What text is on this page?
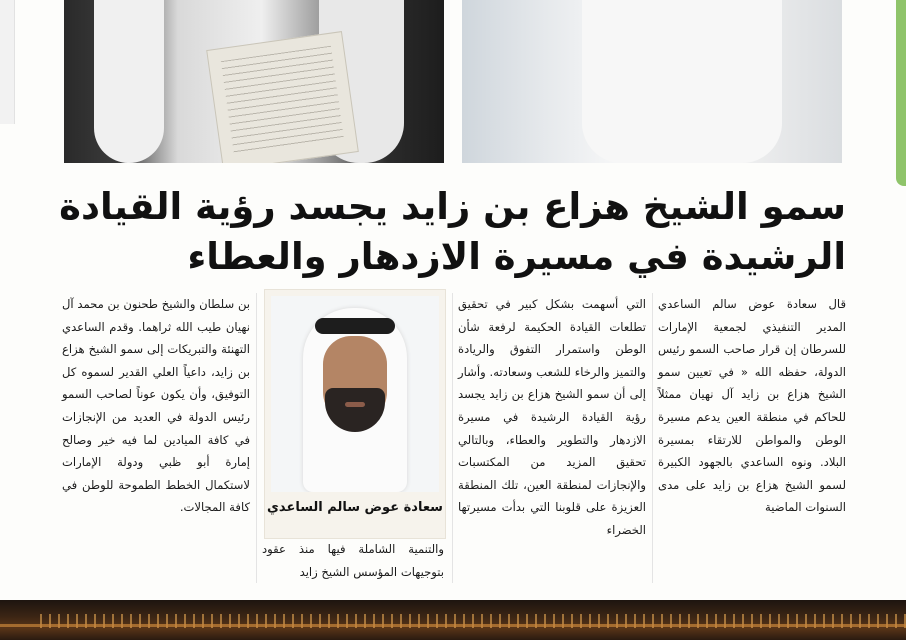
سمو الشيخ هزاع بن زايد يجسد رؤية القيادة
الرشيدة في مسيرة الازدهار والعطاء

قال سعادة عوض سالم الساعدي المدير التنفيذي لجمعية الإمارات للسرطان إن قرار صاحب السمو رئيس الدولة، حفظه الله « في تعيين سمو الشيخ هزاع بن زايد آل نهيان ممثلاً للحاكم في منطقة العين يدعم مسيرة الوطن والمواطن للارتقاء بمسيرة البلاد. ونوه الساعدي بالجهود الكبيرة لسمو الشيخ هزاع بن زايد على مدى السنوات الماضية

التي أسهمت بشكل كبير في تحقيق تطلعات القيادة الحكيمة لرفعة شأن الوطن واستمرار التفوق والريادة والتميز والرخاء للشعب وسعادته. وأشار إلى أن سمو الشيخ هزاع بن زايد يجسد رؤية القيادة الرشيدة في مسيرة الازدهار والتطوير والعطاء، وبالتالي تحقيق المزيد من المكتسبات والإنجازات لمنطقة العين، تلك المنطقة العزيزة على قلوبنا التي بدأت مسيرتها الخضراء

سعادة عوض سالم الساعدي

والتنمية الشاملة فيها منذ عقود بتوجيهات المؤسس الشيخ زايد

بن سلطان والشيخ طحنون بن محمد آل نهيان طيب الله ثراهما. وقدم الساعدي التهنئة والتبريكات إلى سمو الشيخ هزاع بن زايد، داعياً العلي القدير لسموه كل التوفيق، وأن يكون عوناً لصاحب السمو رئيس الدولة في العديد من الإنجازات في كافة الميادين لما فيه خير وصالح إمارة أبو ظبي ودولة الإمارات لاستكمال الخطط الطموحة للوطن في كافة المجالات.
